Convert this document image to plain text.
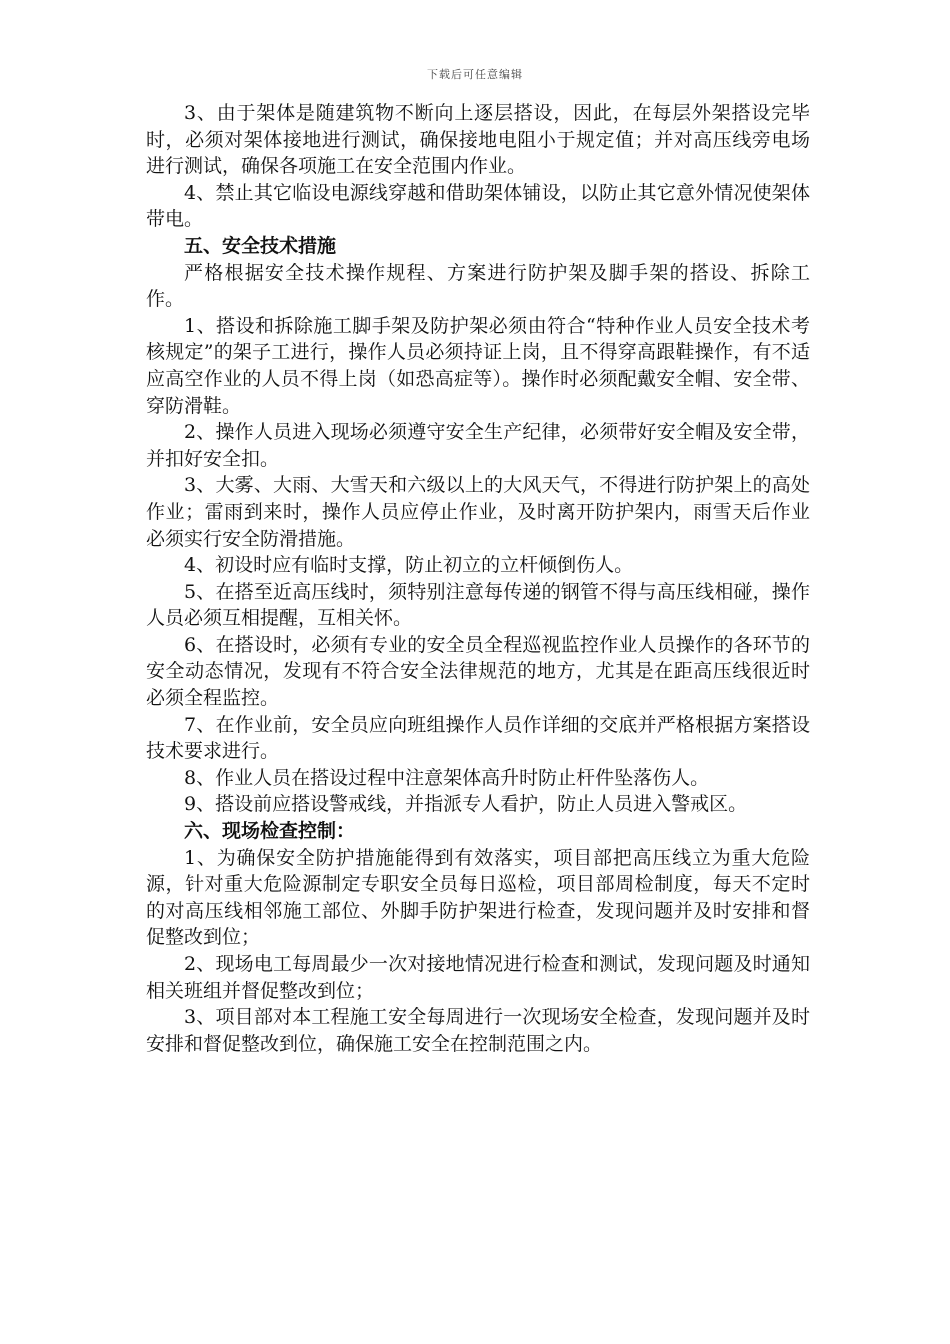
下载后可任意编辑

3、由于架体是随建筑物不断向上逐层搭设，因此，在每层外架搭设完毕时，必须对架体接地进行测试，确保接地电阻小于规定值；并对高压线旁电场进行测试，确保各项施工在安全范围内作业。

4、禁止其它临设电源线穿越和借助架体铺设，以防止其它意外情况使架体带电。

五、安全技术措施

严格根据安全技术操作规程、方案进行防护架及脚手架的搭设、拆除工作。

1、搭设和拆除施工脚手架及防护架必须由符合“特种作业人员安全技术考核规定”的架子工进行，操作人员必须持证上岗，且不得穿高跟鞋操作，有不适应高空作业的人员不得上岗（如恐高症等）。操作时必须配戴安全帽、安全带、穿防滑鞋。

2、操作人员进入现场必须遵守安全生产纪律，必须带好安全帽及安全带，并扣好安全扣。

3、大雾、大雨、大雪天和六级以上的大风天气，不得进行防护架上的高处作业；雷雨到来时，操作人员应停止作业，及时离开防护架内，雨雪天后作业必须实行安全防滑措施。

4、初设时应有临时支撑，防止初立的立杆倾倒伤人。

5、在搭至近高压线时，须特别注意每传递的钢管不得与高压线相碰，操作人员必须互相提醒，互相关怀。

6、在搭设时，必须有专业的安全员全程巡视监控作业人员操作的各环节的安全动态情况，发现有不符合安全法律规范的地方，尤其是在距高压线很近时必须全程监控。

7、在作业前，安全员应向班组操作人员作详细的交底并严格根据方案搭设技术要求进行。

8、作业人员在搭设过程中注意架体高升时防止杆件坠落伤人。

9、搭设前应搭设警戒线，并指派专人看护，防止人员进入警戒区。

六、现场检查控制：

1、为确保安全防护措施能得到有效落实，项目部把高压线立为重大危险源，针对重大危险源制定专职安全员每日巡检，项目部周检制度，每天不定时的对高压线相邻施工部位、外脚手防护架进行检查，发现问题并及时安排和督促整改到位；

2、现场电工每周最少一次对接地情况进行检查和测试，发现问题及时通知相关班组并督促整改到位；

3、项目部对本工程施工安全每周进行一次现场安全检查，发现问题并及时安排和督促整改到位，确保施工安全在控制范围之内。
